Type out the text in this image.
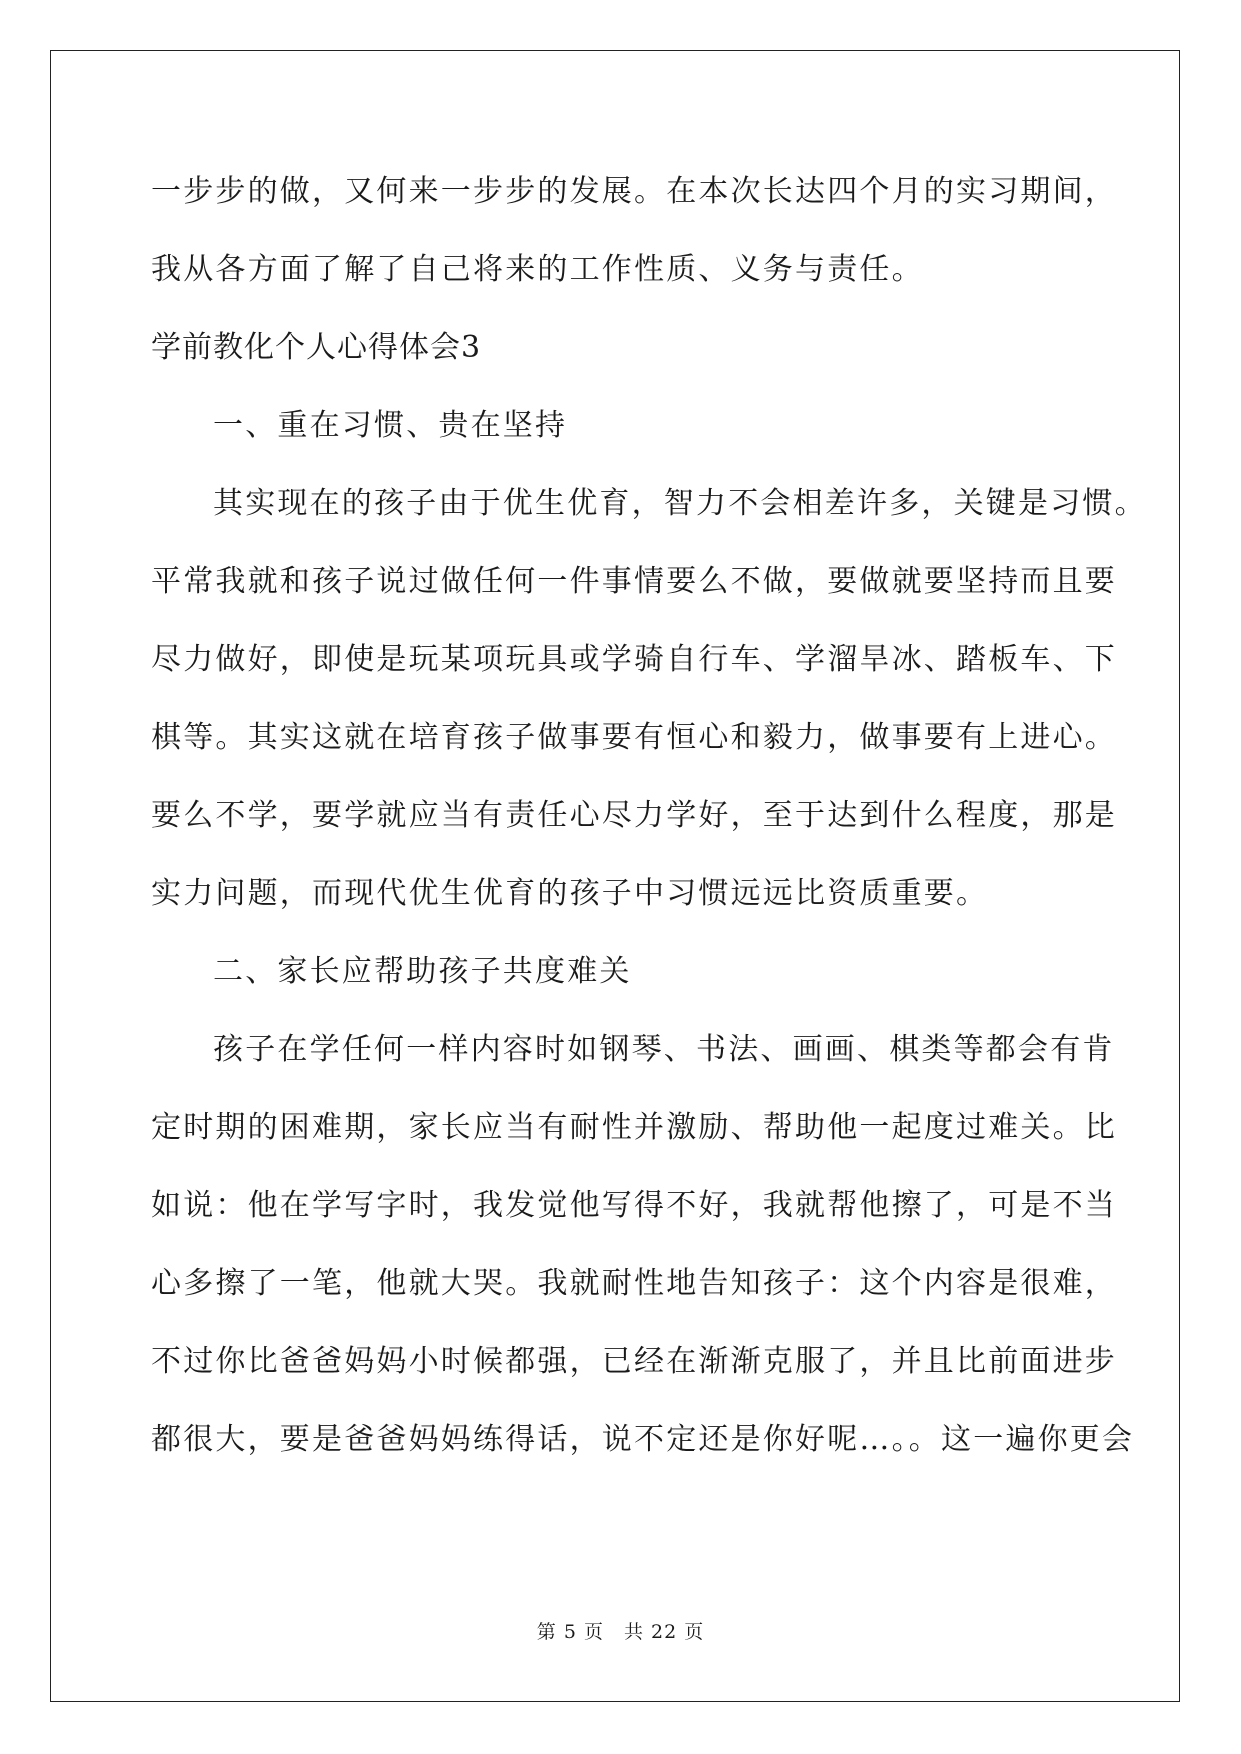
一步步的做，又何来一步步的发展。在本次长达四个月的实习期间，
我从各方面了解了自己将来的工作性质、义务与责任。
学前教化个人心得体会3
一、重在习惯、贵在坚持
其实现在的孩子由于优生优育，智力不会相差许多，关键是习惯。
平常我就和孩子说过做任何一件事情要么不做，要做就要坚持而且要
尽力做好，即使是玩某项玩具或学骑自行车、学溜旱冰、踏板车、下
棋等。其实这就在培育孩子做事要有恒心和毅力，做事要有上进心。
要么不学，要学就应当有责任心尽力学好，至于达到什么程度，那是
实力问题，而现代优生优育的孩子中习惯远远比资质重要。
二、家长应帮助孩子共度难关
孩子在学任何一样内容时如钢琴、书法、画画、棋类等都会有肯
定时期的困难期，家长应当有耐性并激励、帮助他一起度过难关。比
如说：他在学写字时，我发觉他写得不好，我就帮他擦了，可是不当
心多擦了一笔，他就大哭。我就耐性地告知孩子：这个内容是很难，
不过你比爸爸妈妈小时候都强，已经在渐渐克服了，并且比前面进步
都很大，要是爸爸妈妈练得话，说不定还是你好呢…。。这一遍你更会
第 5 页　共 22 页
